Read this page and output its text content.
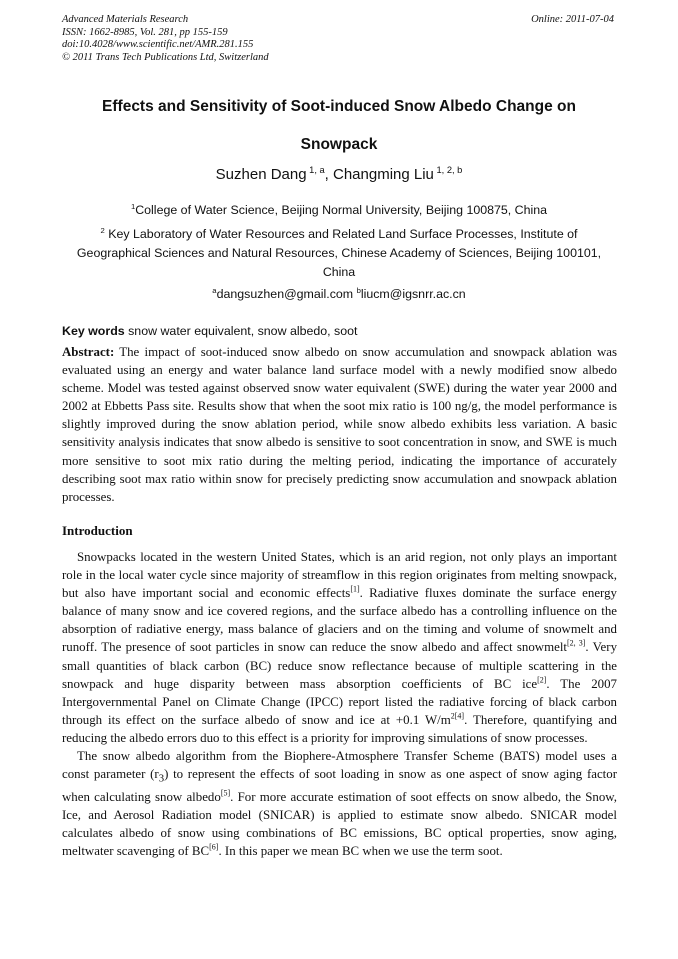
Advanced Materials Research
ISSN: 1662-8985, Vol. 281, pp 155-159
doi:10.4028/www.scientific.net/AMR.281.155
© 2011 Trans Tech Publications Ltd, Switzerland
Online: 2011-07-04
Effects and Sensitivity of Soot-induced Snow Albedo Change on
Snowpack
Suzhen Dang $^{1, a}$, Changming Liu $^{1, 2, b}$
$^1$College of Water Science, Beijing Normal University, Beijing 100875, China
$^2$ Key Laboratory of Water Resources and Related Land Surface Processes, Institute of Geographical Sciences and Natural Resources, Chinese Academy of Sciences, Beijing 100101, China
$^a$dangsuzhen@gmail.com $^b$liucm@igsnrr.ac.cn
Key words snow water equivalent, snow albedo, soot

Abstract: The impact of soot-induced snow albedo on snow accumulation and snowpack ablation was evaluated using an energy and water balance land surface model with a newly modified snow albedo scheme. Model was tested against observed snow water equivalent (SWE) during the water year 2000 and 2002 at Ebbetts Pass site. Results show that when the soot mix ratio is 100 ng/g, the model performance is slightly improved during the snow ablation period, while snow albedo exhibits less variation. A basic sensitivity analysis indicates that snow albedo is sensitive to soot concentration in snow, and SWE is much more sensitive to soot mix ratio during the melting period, indicating the importance of accurately describing soot max ratio within snow for precisely predicting snow accumulation and snowpack ablation processes.

Introduction

Snowpacks located in the western United States, which is an arid region, not only plays an important role in the local water cycle since majority of streamflow in this region originates from melting snowpack, but also have important social and economic effects[1]. Radiative fluxes dominate the surface energy balance of many snow and ice covered regions, and the surface albedo has a controlling influence on the absorption of radiative energy, mass balance of glaciers and on the timing and volume of snowmelt and runoff. The presence of soot particles in snow can reduce the snow albedo and affect snowmelt[2, 3]. Very small quantities of black carbon (BC) reduce snow reflectance because of multiple scattering in the snowpack and huge disparity between mass absorption coefficients of BC ice[2]. The 2007 Intergovernmental Panel on Climate Change (IPCC) report listed the radiative forcing of black carbon through its effect on the surface albedo of snow and ice at +0.1 $W/m^{2[4]}$. Therefore, quantifying and reducing the albedo errors duo to this effect is a priority for improving simulations of snow processes.

The snow albedo algorithm from the Biophere-Atmosphere Transfer Scheme (BATS) model uses a const parameter $(r_3)$ to represent the effects of soot loading in snow as one aspect of snow aging factor when calculating snow albedo[5]. For more accurate estimation of soot effects on snow albedo, the Snow, Ice, and Aerosol Radiation model (SNICAR) is applied to estimate snow albedo. SNICAR model calculates albedo of snow using combinations of BC emissions, BC optical properties, snow aging, meltwater scavenging of BC[6]. In this paper we mean BC when we use the term soot.
